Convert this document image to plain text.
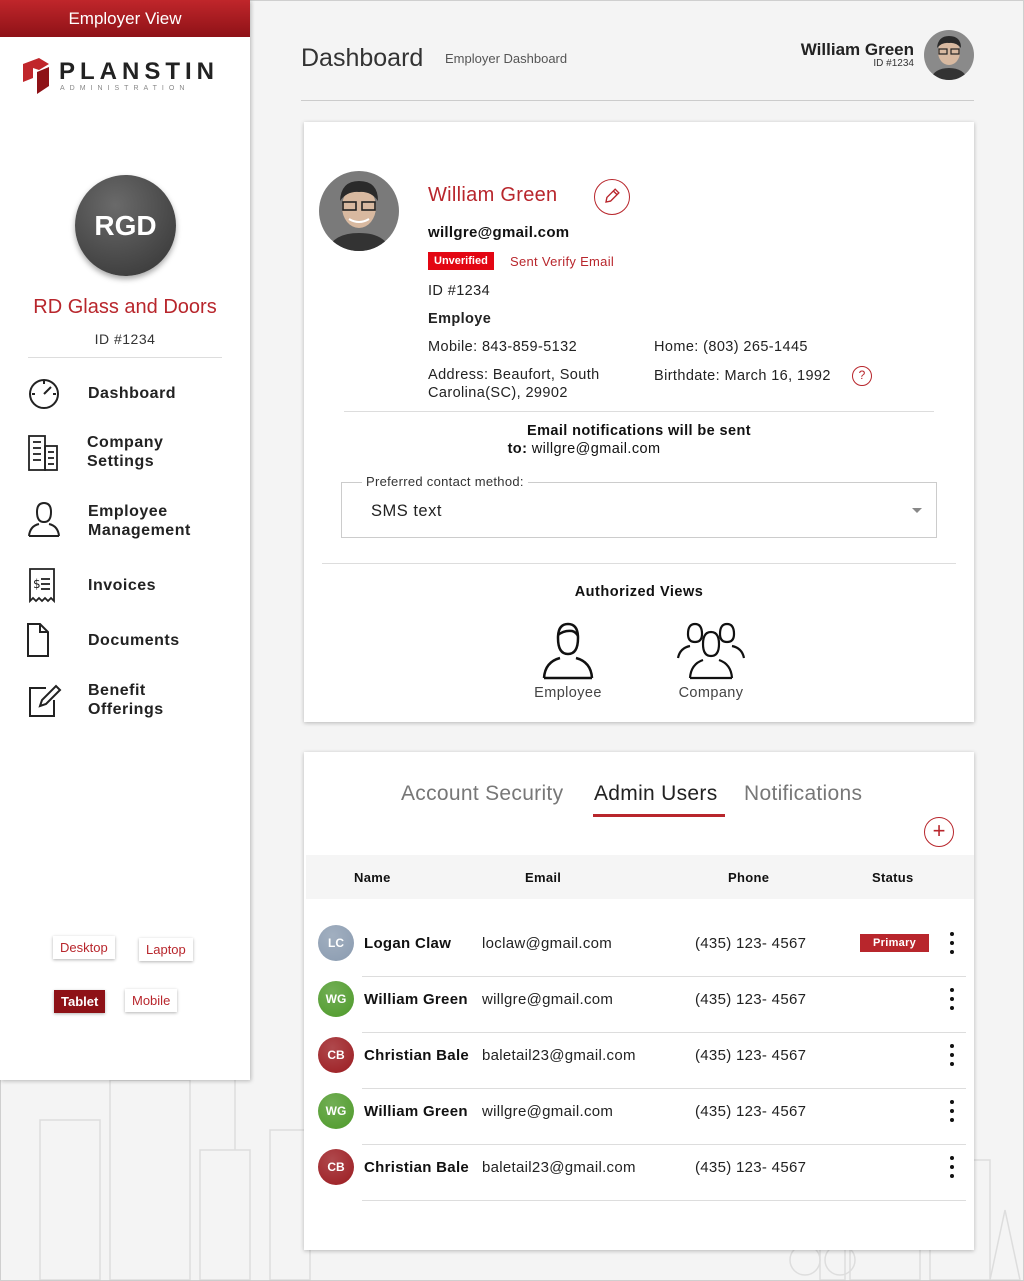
Employer View
PLANSTIN
ADMINISTRATION
RGD
RD Glass and Doors
ID #1234
Dashboard
Company Settings
Employee Management
$	Invoices
Documents
Benefit Offerings
Desktop	Laptop
Tablet	Mobile
Dashboard Employer Dashboard	William Green
ID #1234
William Green
willgre@gmail.com
Unverified	Sent Verify Email
ID #1234
Employe
Mobile: 843-859-5132	Home: (803) 265-1445
Address: Beaufort, South
Carolina(SC), 29902
Birthdate: March 16, 1992	?
Email notifications will be sent
to: willgre@gmail.com
Preferred contact method:
SMS text
Authorized Views
Employee	Company
Account Security Admin Users Notifications
+
Name	Email	Phone	Status
LC	Logan Claw loclaw@gmail.com	(435) 123- 4567	Primary
WG	William Green willgre@gmail.com	(435) 123- 4567
CB	Christian Bale baletail23@gmail.com	(435) 123- 4567
WG	William Green willgre@gmail.com	(435) 123- 4567
CB	Christian Bale baletail23@gmail.com	(435) 123- 4567
